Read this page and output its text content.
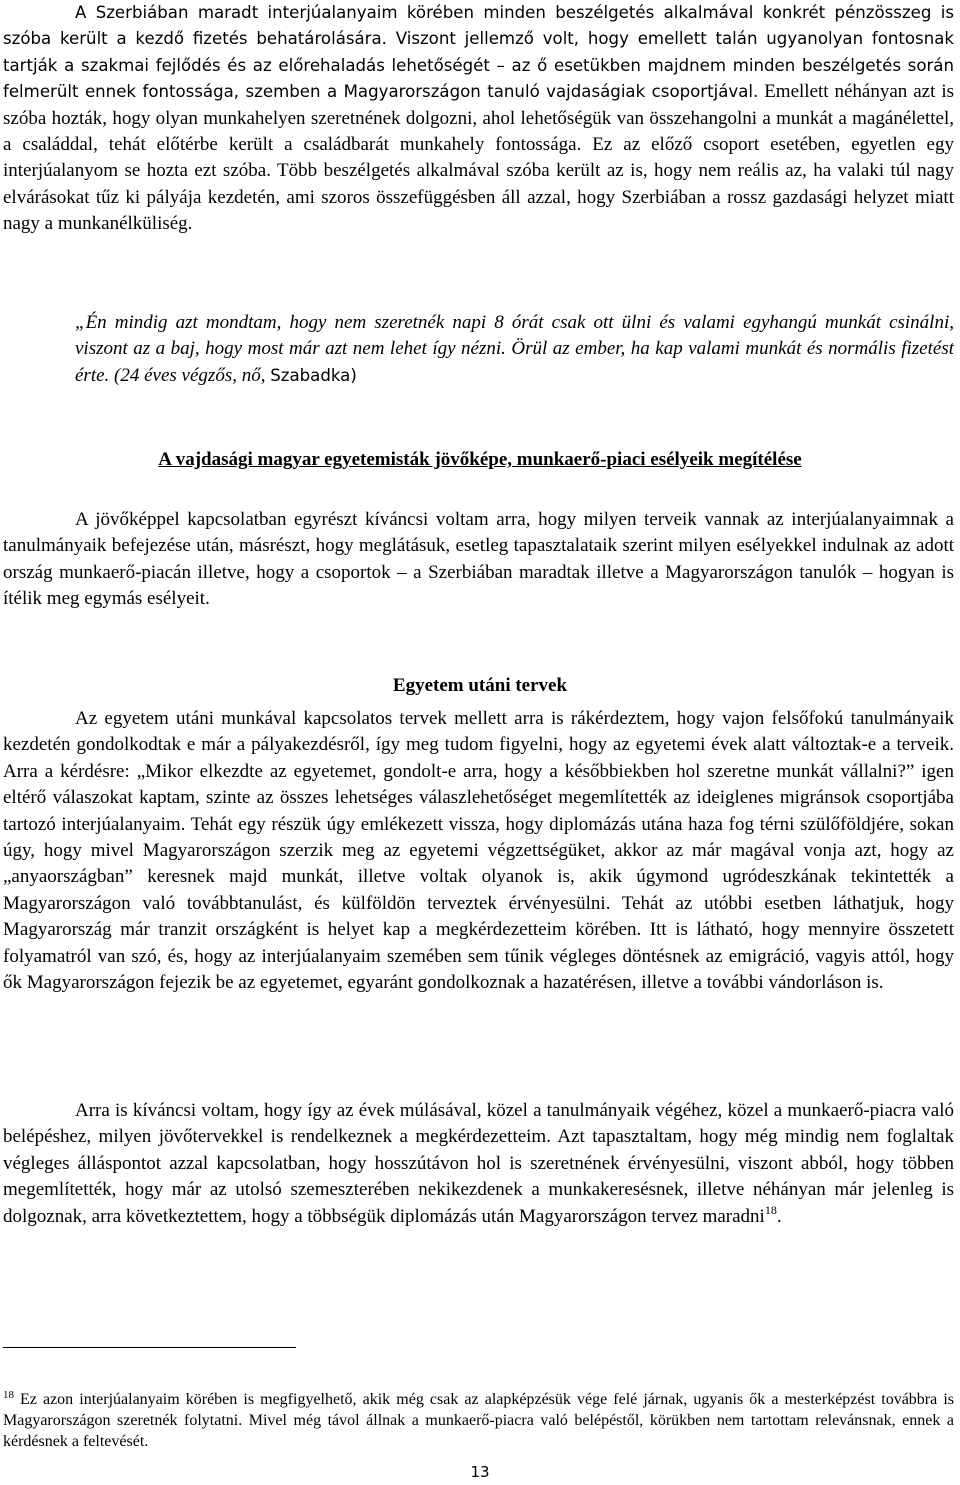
A Szerbiában maradt interjúalanyaim körében minden beszélgetés alkalmával konkrét pénzösszeg is szóba került a kezdő fizetés behatárolására. Viszont jellemző volt, hogy emellett talán ugyanolyan fontosnak tartják a szakmai fejlődés és az előrehaladás lehetőségét – az ő esetükben majdnem minden beszélgetés során felmerült ennek fontossága, szemben a Magyarországon tanuló vajdaságiak csoportjával. Emellett néhányan azt is szóba hozták, hogy olyan munkahelyen szeretnének dolgozni, ahol lehetőségük van összehangolni a munkát a magánélettel, a családdal, tehát előtérbe került a családbarát munkahely fontossága. Ez az előző csoport esetében, egyetlen egy interjúalanyom se hozta ezt szóba. Több beszélgetés alkalmával szóba került az is, hogy nem reális az, ha valaki túl nagy elvárásokat tűz ki pályája kezdetén, ami szoros összefüggésben áll azzal, hogy Szerbiában a rossz gazdasági helyzet miatt nagy a munkanélküliség.

„Én mindig azt mondtam, hogy nem szeretnék napi 8 órát csak ott ülni és valami egyhangú munkát csinálni, viszont az a baj, hogy most már azt nem lehet így nézni. Örül az ember, ha kap valami munkát és normális fizetést érte. (24 éves végzős, nő, Szabadka)

A vajdasági magyar egyetemisták jövőképe, munkaerő-piaci esélyeik megítélése

A jövőképpel kapcsolatban egyrészt kíváncsi voltam arra, hogy milyen terveik vannak az interjúalanyaimnak a tanulmányaik befejezése után, másrészt, hogy meglátásuk, esetleg tapasztalataik szerint milyen esélyekkel indulnak az adott ország munkaerő-piacán illetve, hogy a csoportok – a Szerbiában maradtak illetve a Magyarországon tanulók – hogyan is ítélik meg egymás esélyeit.

Egyetem utáni tervek

Az egyetem utáni munkával kapcsolatos tervek mellett arra is rákérdeztem, hogy vajon felsőfokú tanulmányaik kezdetén gondolkodtak e már a pályakezdésről, így meg tudom figyelni, hogy az egyetemi évek alatt változtak-e a terveik. Arra a kérdésre: „Mikor elkezdte az egyetemet, gondolt-e arra, hogy a későbbiekben hol szeretne munkát vállalni?” igen eltérő válaszokat kaptam, szinte az összes lehetséges válaszlehetőséget megemlítették az ideiglenes migránsok csoportjába tartozó interjúalanyaim. Tehát egy részük úgy emlékezett vissza, hogy diplomázás utána haza fog térni szülőföldjére, sokan úgy, hogy mivel Magyarországon szerzik meg az egyetemi végzettségüket, akkor az már magával vonja azt, hogy az „anyaországban” keresnek majd munkát, illetve voltak olyanok is, akik úgymond ugródeszkának tekintették a Magyarországon való továbbtanulást, és külföldön terveztek érvényesülni. Tehát az utóbbi esetben láthatjuk, hogy Magyarország már tranzit országként is helyet kap a megkérdezetteim körében. Itt is látható, hogy mennyire összetett folyamatról van szó, és, hogy az interjúalanyaim szemében sem tűnik végleges döntésnek az emigráció, vagyis attól, hogy ők Magyarországon fejezik be az egyetemet, egyaránt gondolkoznak a hazatérésen, illetve a további vándorláson is.

Arra is kíváncsi voltam, hogy így az évek múlásával, közel a tanulmányaik végéhez, közel a munkaerő-piacra való belépéshez, milyen jövőtervekkel is rendelkeznek a megkérdezetteim. Azt tapasztaltam, hogy még mindig nem foglaltak végleges álláspontot azzal kapcsolatban, hogy hosszútávon hol is szeretnének érvényesülni, viszont abból, hogy többen megemlítették, hogy már az utolsó szemeszterében nekikezdenek a munkakeresésnek, illetve néhányan már jelenleg is dolgoznak, arra következtettem, hogy a többségük diplomázás után Magyarországon tervez maradni$^{18}$.

$^{18}$ Ez azon interjúalanyaim körében is megfigyelhető, akik még csak az alapképzésük vége felé járnak, ugyanis ők a mesterképzést továbbra is Magyarországon szeretnék folytatni. Mivel még távol állnak a munkaerő-piacra való belépéstől, körükben nem tartottam relevánsnak, ennek a kérdésnek a feltevését.

13
